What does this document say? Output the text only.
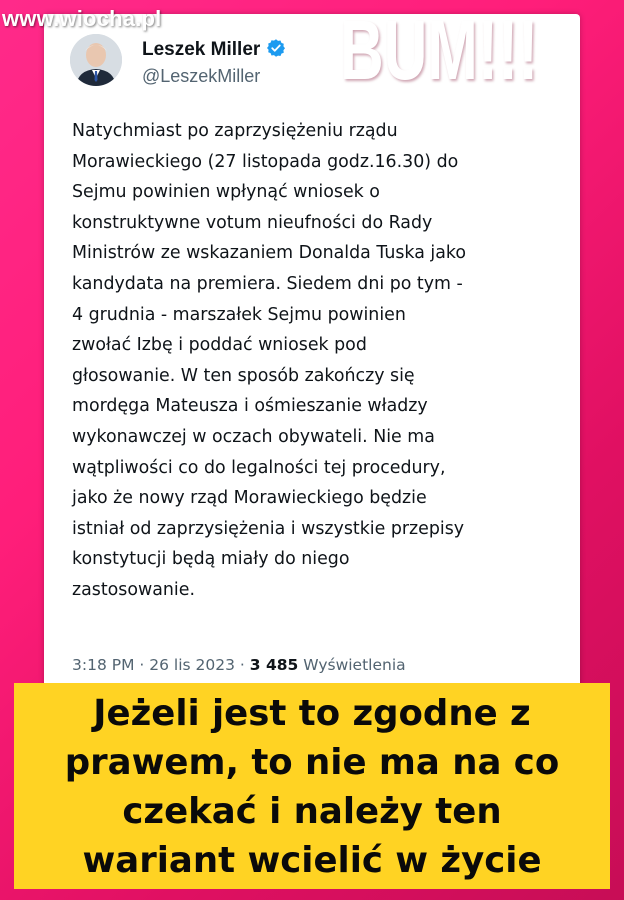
www.wiocha.pl
Leszek Miller
@LeszekMiller
Natychmiast po zaprzysiężeniu rządu
Morawieckiego (27 listopada godz.16.30) do
Sejmu powinien wpłynąć wniosek o
konstruktywne votum nieufności do Rady
Ministrów ze wskazaniem Donalda Tuska jako
kandydata na premiera. Siedem dni po tym -
4 grudnia - marszałek Sejmu powinien
zwołać Izbę i poddać wniosek pod
głosowanie. W ten sposób zakończy się
mordęga Mateusza i ośmieszanie władzy
wykonawczej w oczach obywateli. Nie ma
wątpliwości co do legalności tej procedury,
jako że nowy rząd Morawieckiego będzie
istniał od zaprzysiężenia i wszystkie przepisy
konstytucji będą miały do niego
zastosowanie.
3:18 PM · 26 lis 2023 · 3 485 Wyświetlenia
BUM!!!
Jeżeli jest to zgodne z
prawem, to nie ma na co
czekać i należy ten
wariant wcielić w życie
